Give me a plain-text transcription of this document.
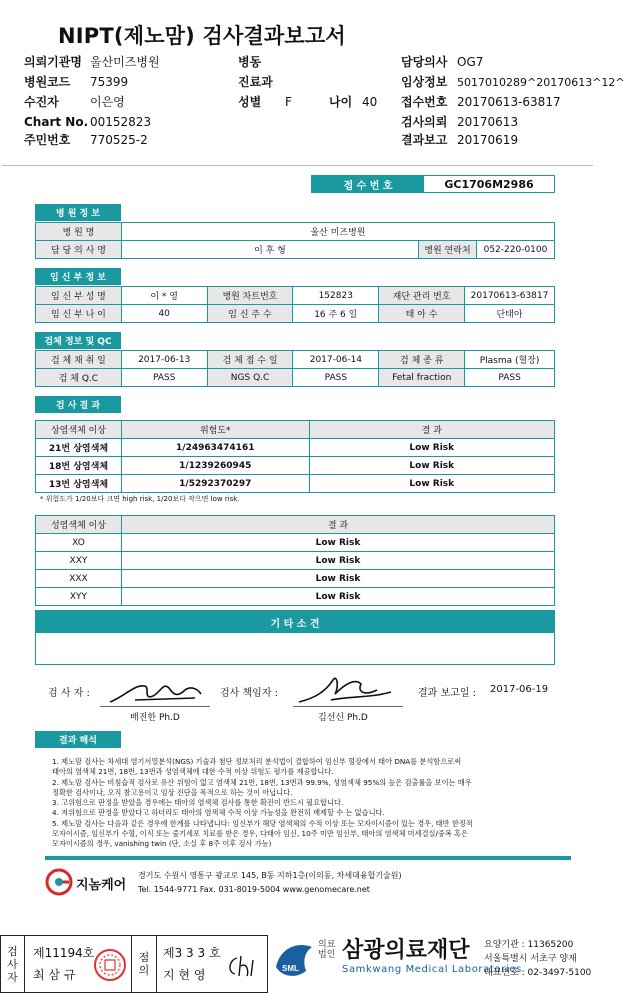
NIPT(제노맘) 검사결과보고서
의뢰기관명 울산미즈병원
병원코드 75399
수진자	이은영
Chart No. 00152823
주민번호 770525-2
병동
진료과
성별 F	나이 40
담당의사 OG7
임상정보 5017010289^20170613^12^
접수번호 20170613-63817
검사의뢰 20170613
결과보고 20170619
접 수 번 호	GC1706M2986
병 원 정 보
병 원 명	울산 미즈병원		
담 당 의 사 명	이 후 형	병원 연락처	052-220-0100
임 신 부 정 보
임 신 부 성 명	이 * 영	병원 차트번호	152823	재단 관리 번호	20170613-63817
임 신 부 나 이	40	임 신 주 수	16 주 6 일	태 아 수	단태아
검체 정보 및 QC
검 체 채 취 일	2017-06-13	검 체 접 수 일	2017-06-14	검 체 종 류	Plasma (혈장)
검 체 Q.C	PASS	NGS Q.C	PASS	Fetal fraction	PASS
검 사 결 과
상염색체 이상	위험도*	결 과
21번 상염색체	1/24963474161	Low Risk
18번 상염색체	1/1239260945	Low Risk
13번 상염색체	1/5292370297	Low Risk
* 위험도가 1/20보다 크면 high risk, 1/20보다 작으면 low risk.
성염색체 이상	결 과
XO	Low Risk
XXY	Low Risk
XXX	Low Risk
XYY	Low Risk
기 타 소 견
검 사 자 :
배진한 Ph.D
검사 책임자 :
김선신 Ph.D
결과 보고일 : 2017-06-19
결과 해석
1. 제노맘 검사는 차세대 염기서열분석(NGS) 기술과 첨단 정보처리 분석법이 결합하여 임신부 혈장에서 태아 DNA를 분석함으로써
태아의 염색체 21번, 18번, 13번과 성염색체에 대한 수적 이상 위험도 평가를 제공합니다.
2. 제노맘 검사는 비침습적 검사로 유산 위험이 없고 염색체 21번, 18번, 13번과 99.9%, 성염색체 95%의 높은 검출률을 보이는 매우
정확한 검사이나, 오직 참고용이고 임상 진단을 목적으로 하는 것이 아닙니다.
3. 고위험으로 판정을 받았을 경우에는 태아의 염색체 검사를 통한 확진이 반드시 필요합니다.
4. 저위험으로 판정을 받았다고 하더라도 태아의 염색체 수적 이상 가능성을 완전히 배제할 수 는 없습니다.
5. 제노맘 검사는 다음과 같은 경우에 한계를 나타냅니다: 임신부가 해당 염색체의 수적 이상 또는 모자이시즘이 있는 경우, 태반 한정적
모자이시즘, 임신부가 수혈, 이식 또는 줄기세포 치료를 받은 경우, 다태아 임신, 10주 미만 임신부, 태아의 염색체 미세결실/중복 혹은
모자이시즘의 경우, vanishing twin (단, 소실 후 8주 이후 검사 가능)
지놈케어
경기도 수원시 영통구 광교로 145, B동 지하1층(이의동, 차세대융합기술원)
Tel. 1544-9771 Fax. 031-8019-5004 www.genomecare.net
검
사
자
제11194호
최 삼 규
점
의
제3 3 3 호
지 현 영	SML
의료
법인 삼광의료재단
Samkwang Medical Laboratories
요양기관 : 11365200
서울특별시 서초구 양재
대표번호 : 02-3497-5100
